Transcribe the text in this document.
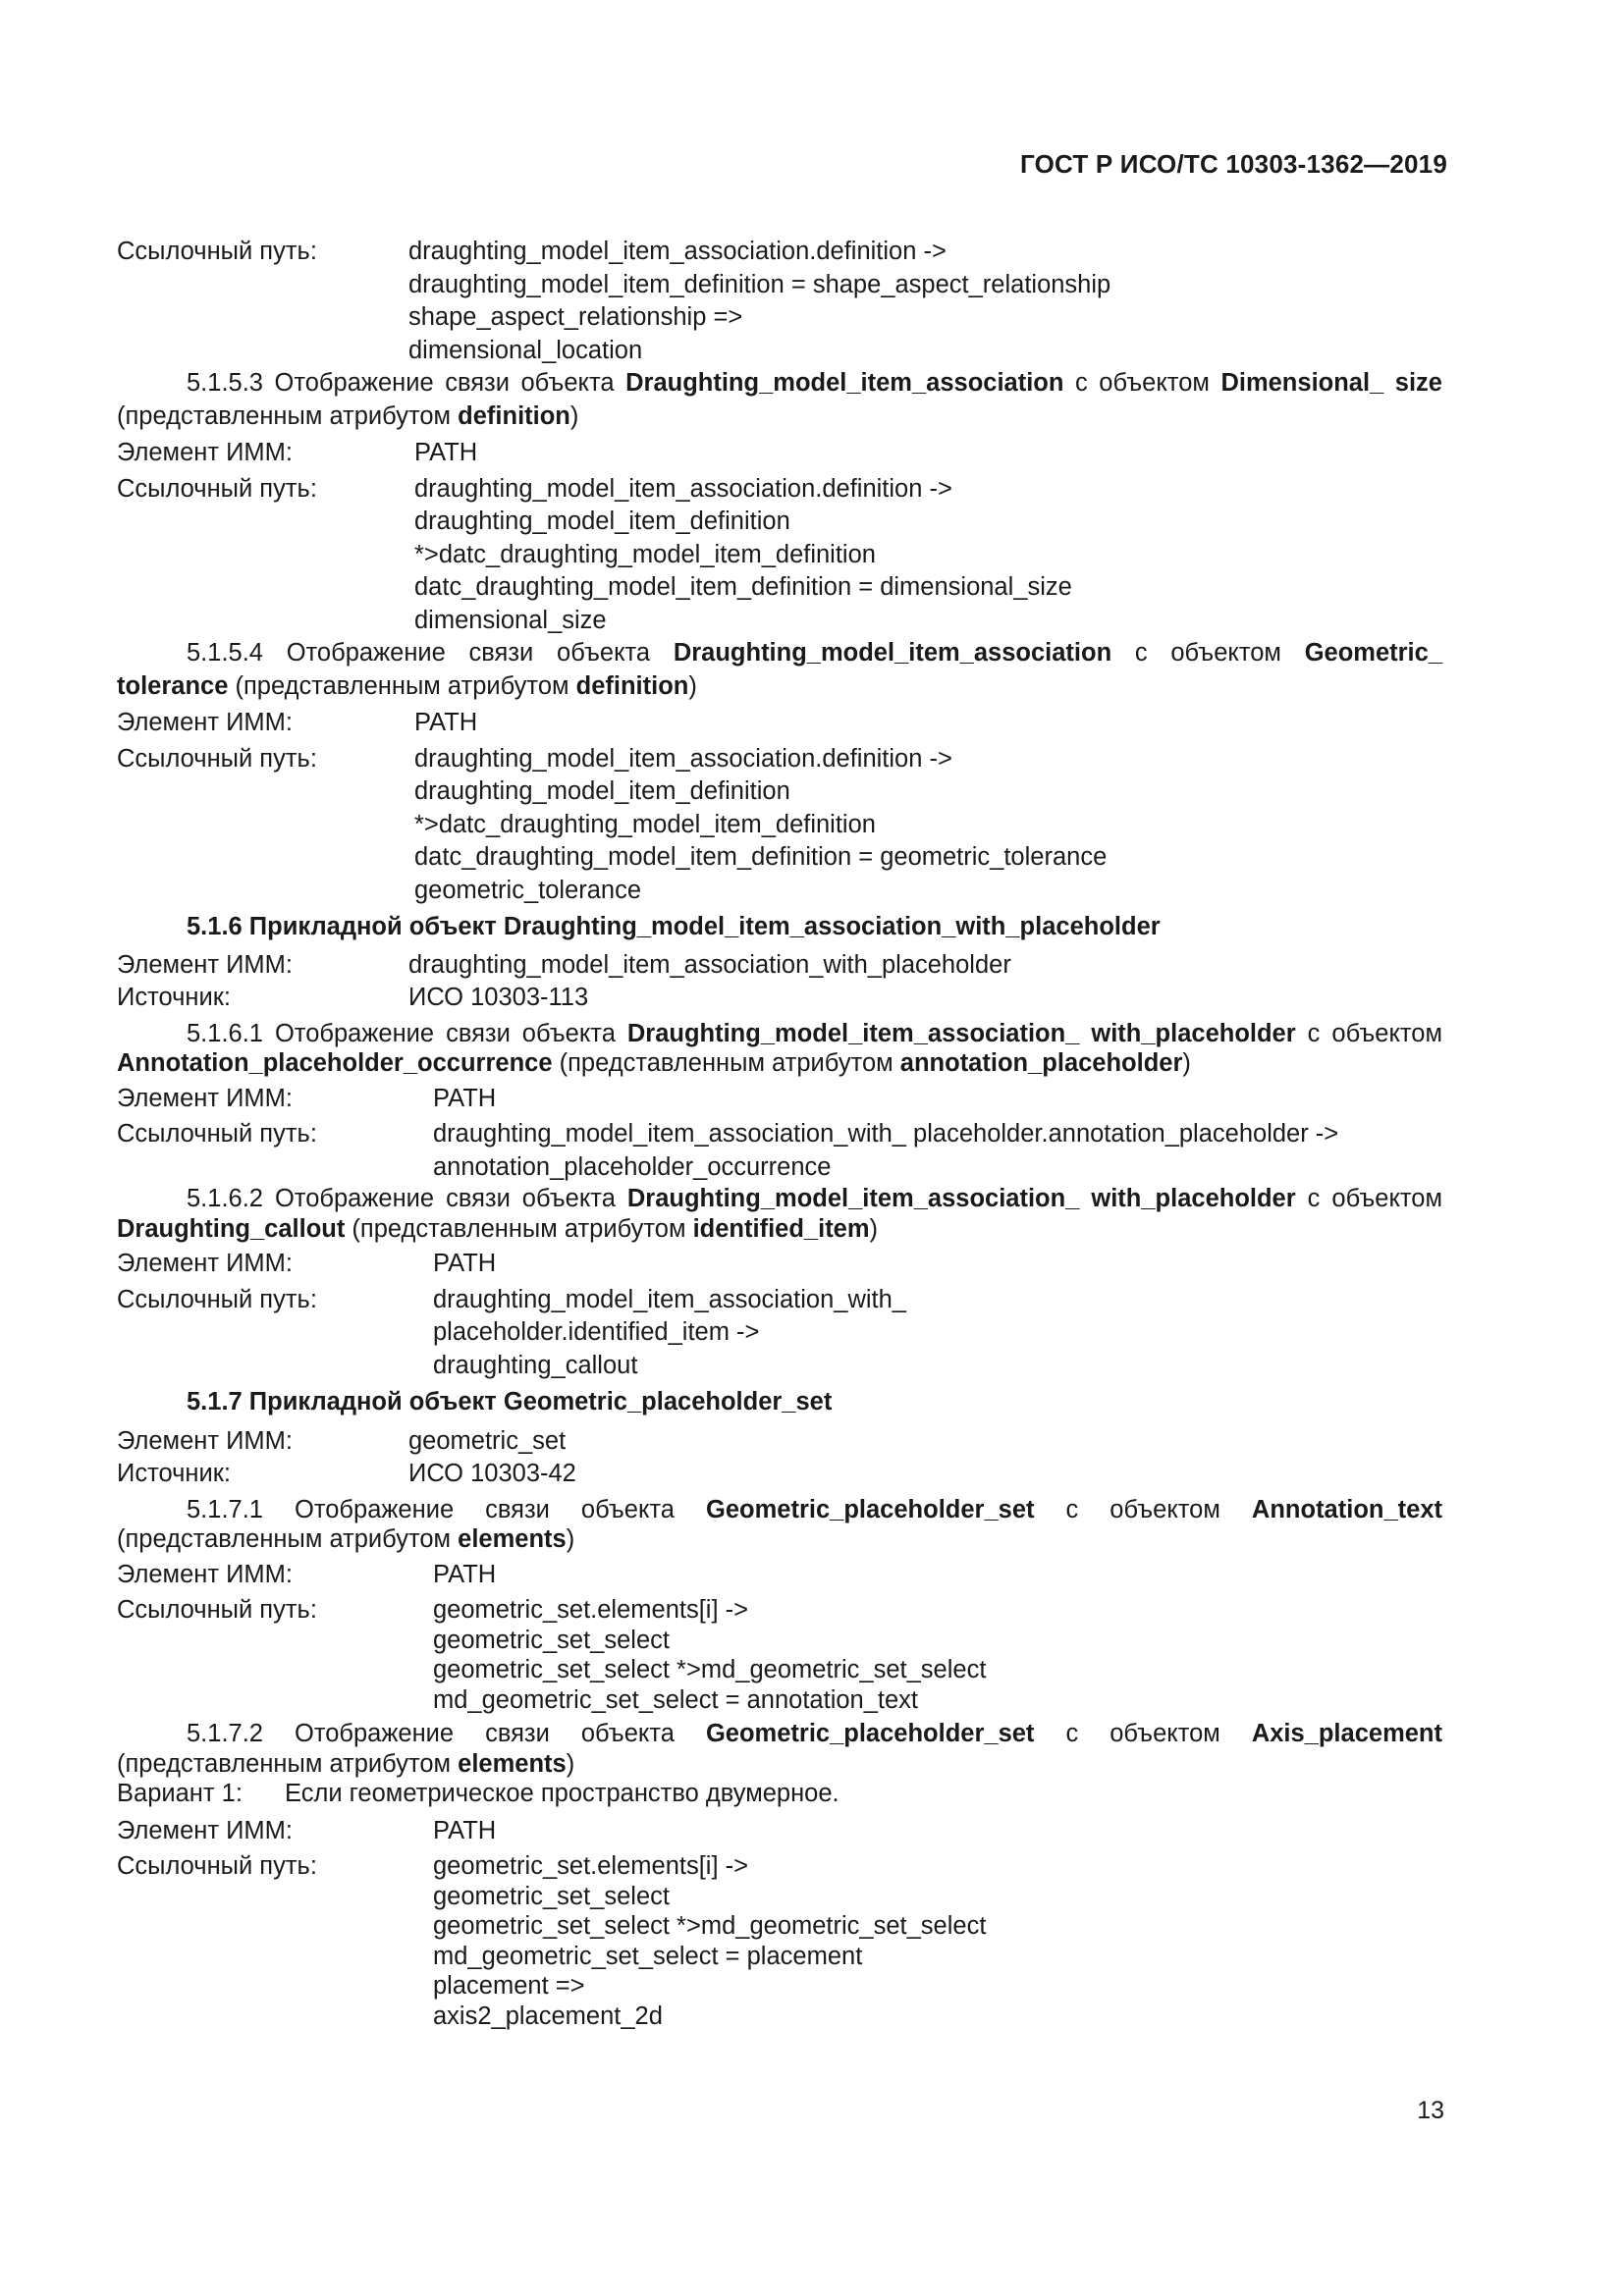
ГОСТ Р ИСО/ТС 10303-1362—2019
Ссылочный путь:	draughting_model_item_association.definition ->
draughting_model_item_definition = shape_aspect_relationship
shape_aspect_relationship =>
dimensional_location
5.1.5.3 Отображение связи объекта Draughting_model_item_association с объектом Dimensional_ size (представленным атрибутом definition)
Элемент ИММ:	PATH
Ссылочный путь:	draughting_model_item_association.definition ->
draughting_model_item_definition
*>datc_draughting_model_item_definition
datc_draughting_model_item_definition = dimensional_size
dimensional_size
5.1.5.4 Отображение связи объекта Draughting_model_item_association с объектом Geometric_ tolerance (представленным атрибутом definition)
Элемент ИММ:	PATH
Ссылочный путь:	draughting_model_item_association.definition ->
draughting_model_item_definition
*>datc_draughting_model_item_definition
datc_draughting_model_item_definition = geometric_tolerance
geometric_tolerance
5.1.6 Прикладной объект Draughting_model_item_association_with_placeholder
Элемент ИММ:	draughting_model_item_association_with_placeholder
Источник:	ИСО 10303-113
5.1.6.1 Отображение связи объекта Draughting_model_item_association_ with_placeholder с объектом Annotation_placeholder_occurrence (представленным атрибутом annotation_placeholder)
Элемент ИММ:	PATH
Ссылочный путь:	draughting_model_item_association_with_ placeholder.annotation_placeholder ->
annotation_placeholder_occurrence
5.1.6.2 Отображение связи объекта Draughting_model_item_association_ with_placeholder с объектом Draughting_callout (представленным атрибутом identified_item)
Элемент ИММ:	PATH
Ссылочный путь:	draughting_model_item_association_with_
placeholder.identified_item ->
draughting_callout
5.1.7 Прикладной объект Geometric_placeholder_set
Элемент ИММ:	geometric_set
Источник:	ИСО 10303-42
5.1.7.1 Отображение связи объекта Geometric_placeholder_set с объектом Annotation_text (представленным атрибутом elements)
Элемент ИММ:	PATH
Ссылочный путь:	geometric_set.elements[i] ->
geometric_set_select
geometric_set_select *>md_geometric_set_select
md_geometric_set_select = annotation_text
5.1.7.2 Отображение связи объекта Geometric_placeholder_set с объектом Axis_placement (представленным атрибутом elements)
Вариант 1:	Если геометрическое пространство двумерное.
Элемент ИММ:	PATH
Ссылочный путь:	geometric_set.elements[i] ->
geometric_set_select
geometric_set_select *>md_geometric_set_select
md_geometric_set_select = placement
placement =>
axis2_placement_2d
13
